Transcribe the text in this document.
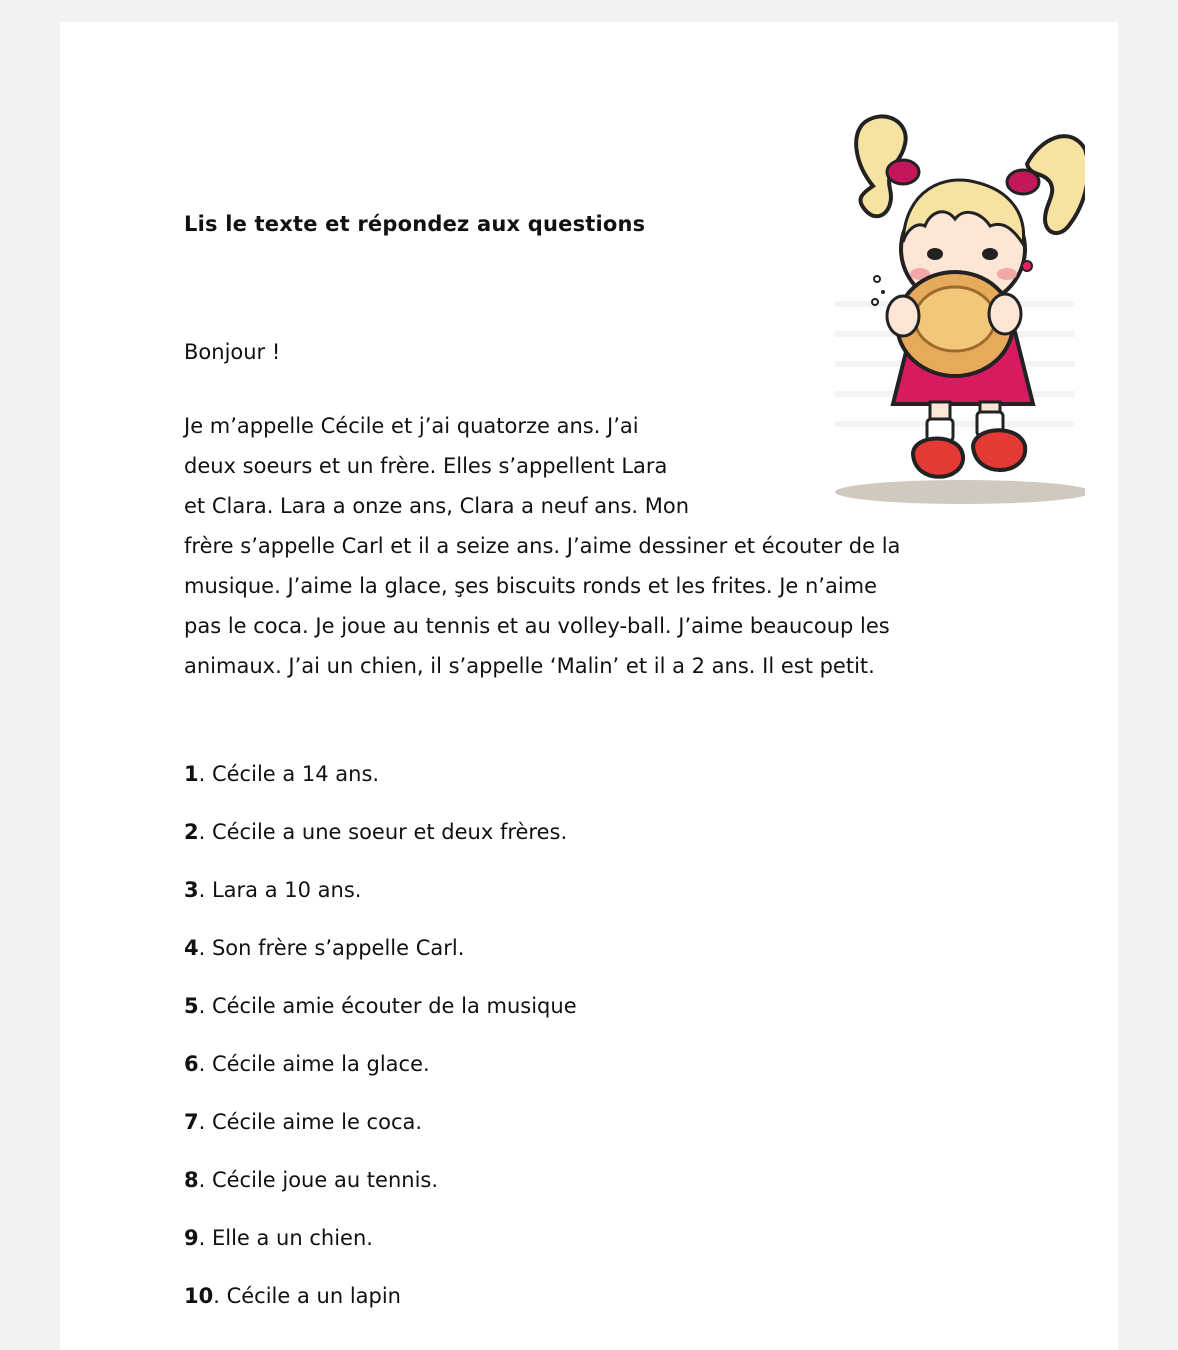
Lis le texte et répondez aux questions

Bonjour !

Je m’appelle Cécile et j’ai quatorze ans. J’ai
deux soeurs et un frère. Elles s’appellent Lara
et Clara. Lara a onze ans, Clara a neuf ans. Mon
frère s’appelle Carl et il a seize ans. J’aime dessiner et écouter de la
musique. J’aime la glace, şes biscuits ronds et les frites. Je n’aime
pas le coca. Je joue au tennis et au volley-ball. J’aime beaucoup les
animaux. J’ai un chien, il s’appelle ‘Malin’ et il a 2 ans. Il est petit.

1. Cécile a 14 ans.
2. Cécile a une soeur et deux frères.
3. Lara a 10 ans.
4. Son frère s’appelle Carl.
5. Cécile amie écouter de la musique
6. Cécile aime la glace.
7. Cécile aime le coca.
8. Cécile joue au tennis.
9. Elle a un chien.
10. Cécile a un lapin
